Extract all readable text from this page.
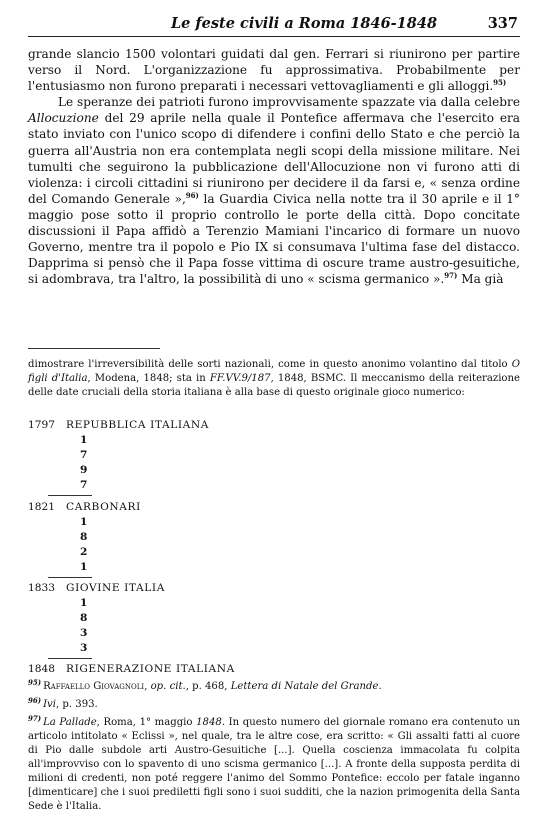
Le feste civili a Roma 1846-1848	337

grande slancio 1500 volontari guidati dal gen. Ferrari si riunirono per partire verso il Nord. L'organizzazione fu approssimativa. Probabilmente per l'entusiasmo non furono preparati i necessari vettovagliamenti e gli alloggi.$^{95)}$

Le speranze dei patrioti furono improvvisamente spazzate via dalla celebre Allocuzione del 29 aprile nella quale il Pontefice affermava che l'esercito era stato inviato con l'unico scopo di difendere i confini dello Stato e che perciò la guerra all'Austria non era contemplata negli scopi della missione militare. Nei tumulti che seguirono la pubblicazione dell'Allocuzione non vi furono atti di violenza: i circoli cittadini si riunirono per decidere il da farsi e, « senza ordine del Comando Generale »,$^{96)}$ la Guardia Civica nella notte tra il 30 aprile e il 1° maggio pose sotto il proprio controllo le porte della città. Dopo concitate discussioni il Papa affidò a Terenzio Mamiani l'incarico di formare un nuovo Governo, mentre tra il popolo e Pio IX si consumava l'ultima fase del distacco. Dapprima si pensò che il Papa fosse vittima di oscure trame austro-gesuitiche, si adombrava, tra l'altro, la possibilità di uno « scisma germanico ».$^{97)}$ Ma già

dimostrare l'irreversibilità delle sorti nazionali, come in questo anonimo volantino dal titolo O figli d'Italia, Modena, 1848; sta in FF.VV.9/187, 1848, BSMC. Il meccanismo della reiterazione delle date cruciali della storia italiana è alla base di questo originale gioco numerico:

1797	REPUBBLICA ITALIANA
1
7
9
7
1821	CARBONARI
1
8
2
1
1833	GIOVINE ITALIA
1
8
3
3
1848	RIGENERAZIONE ITALIANA
$^{95)}$ Raffaello Giovagnoli, op. cit., p. 468, Lettera di Natale del Grande.
$^{96)}$ Ivi, p. 393.
$^{97)}$ La Pallade, Roma, 1° maggio 1848. In questo numero del giornale romano era contenuto un articolo intitolato « Eclissi », nel quale, tra le altre cose, era scritto: « Gli assalti fatti al cuore di Pio dalle subdole arti Austro-Gesuitiche [...]. Quella coscienza immacolata fu colpita all'improvviso con lo spavento di uno scisma germanico [...]. A fronte della supposta perdita di milioni di credenti, non poté reggere l'animo del Sommo Pontefice: eccolo per fatale inganno [dimenticare] che i suoi prediletti figli sono i suoi sudditi, che la nazion primogenita della Santa Sede è l'Italia.
